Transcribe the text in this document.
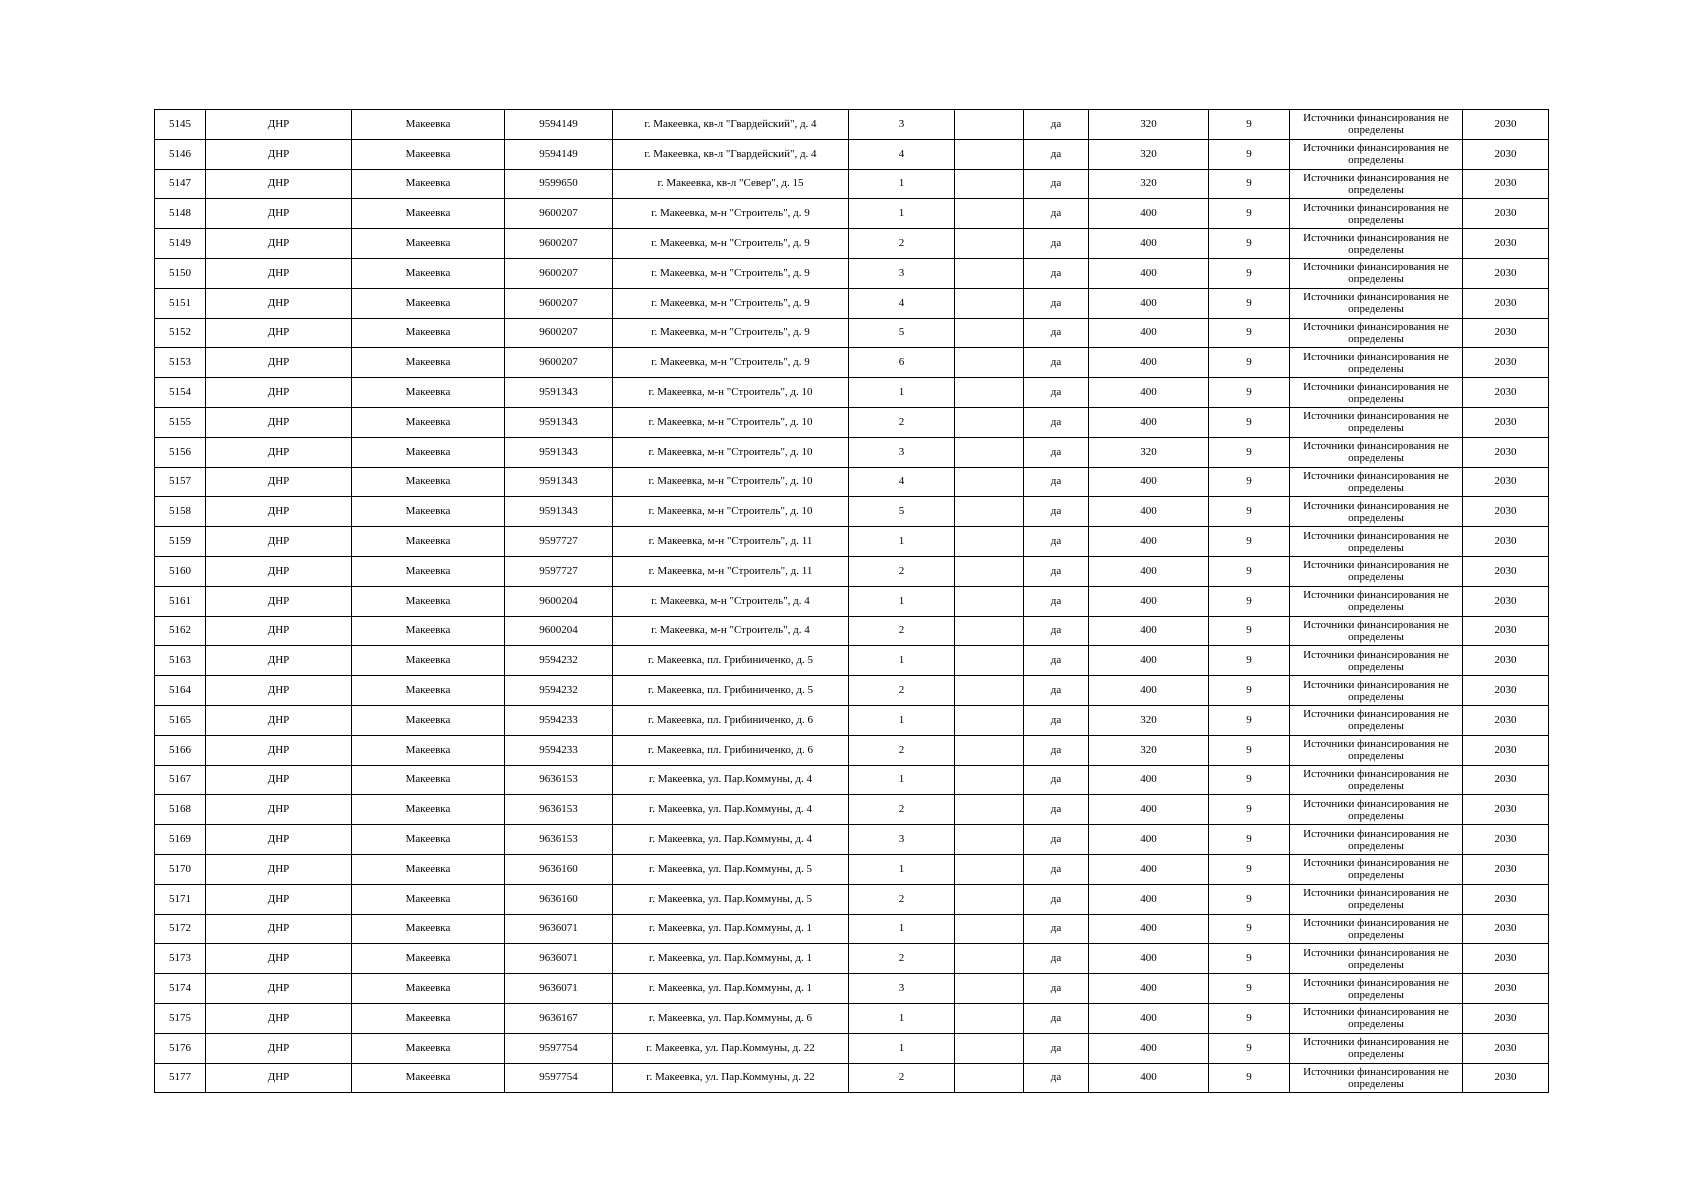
5145	ДНР	Макеевка	9594149	г. Макеевка, кв-л "Гвардейский", д. 4	3		да	320	9	Источники финансирования не определены	2030
5146	ДНР	Макеевка	9594149	г. Макеевка, кв-л "Гвардейский", д. 4	4		да	320	9	Источники финансирования не определены	2030
5147	ДНР	Макеевка	9599650	г. Макеевка, кв-л "Север", д. 15	1		да	320	9	Источники финансирования не определены	2030
5148	ДНР	Макеевка	9600207	г. Макеевка, м-н "Строитель", д. 9	1		да	400	9	Источники финансирования не определены	2030
5149	ДНР	Макеевка	9600207	г. Макеевка, м-н "Строитель", д. 9	2		да	400	9	Источники финансирования не определены	2030
5150	ДНР	Макеевка	9600207	г. Макеевка, м-н "Строитель", д. 9	3		да	400	9	Источники финансирования не определены	2030
5151	ДНР	Макеевка	9600207	г. Макеевка, м-н "Строитель", д. 9	4		да	400	9	Источники финансирования не определены	2030
5152	ДНР	Макеевка	9600207	г. Макеевка, м-н "Строитель", д. 9	5		да	400	9	Источники финансирования не определены	2030
5153	ДНР	Макеевка	9600207	г. Макеевка, м-н "Строитель", д. 9	6		да	400	9	Источники финансирования не определены	2030
5154	ДНР	Макеевка	9591343	г. Макеевка, м-н "Строитель", д. 10	1		да	400	9	Источники финансирования не определены	2030
5155	ДНР	Макеевка	9591343	г. Макеевка, м-н "Строитель", д. 10	2		да	400	9	Источники финансирования не определены	2030
5156	ДНР	Макеевка	9591343	г. Макеевка, м-н "Строитель", д. 10	3		да	320	9	Источники финансирования не определены	2030
5157	ДНР	Макеевка	9591343	г. Макеевка, м-н "Строитель", д. 10	4		да	400	9	Источники финансирования не определены	2030
5158	ДНР	Макеевка	9591343	г. Макеевка, м-н "Строитель", д. 10	5		да	400	9	Источники финансирования не определены	2030
5159	ДНР	Макеевка	9597727	г. Макеевка, м-н "Строитель", д. 11	1		да	400	9	Источники финансирования не определены	2030
5160	ДНР	Макеевка	9597727	г. Макеевка, м-н "Строитель", д. 11	2		да	400	9	Источники финансирования не определены	2030
5161	ДНР	Макеевка	9600204	г. Макеевка, м-н "Строитель", д. 4	1		да	400	9	Источники финансирования не определены	2030
5162	ДНР	Макеевка	9600204	г. Макеевка, м-н "Строитель", д. 4	2		да	400	9	Источники финансирования не определены	2030
5163	ДНР	Макеевка	9594232	г. Макеевка, пл. Грибиниченко, д. 5	1		да	400	9	Источники финансирования не определены	2030
5164	ДНР	Макеевка	9594232	г. Макеевка, пл. Грибиниченко, д. 5	2		да	400	9	Источники финансирования не определены	2030
5165	ДНР	Макеевка	9594233	г. Макеевка, пл. Грибиниченко, д. 6	1		да	320	9	Источники финансирования не определены	2030
5166	ДНР	Макеевка	9594233	г. Макеевка, пл. Грибиниченко, д. 6	2		да	320	9	Источники финансирования не определены	2030
5167	ДНР	Макеевка	9636153	г. Макеевка, ул. Пар.Коммуны, д. 4	1		да	400	9	Источники финансирования не определены	2030
5168	ДНР	Макеевка	9636153	г. Макеевка, ул. Пар.Коммуны, д. 4	2		да	400	9	Источники финансирования не определены	2030
5169	ДНР	Макеевка	9636153	г. Макеевка, ул. Пар.Коммуны, д. 4	3		да	400	9	Источники финансирования не определены	2030
5170	ДНР	Макеевка	9636160	г. Макеевка, ул. Пар.Коммуны, д. 5	1		да	400	9	Источники финансирования не определены	2030
5171	ДНР	Макеевка	9636160	г. Макеевка, ул. Пар.Коммуны, д. 5	2		да	400	9	Источники финансирования не определены	2030
5172	ДНР	Макеевка	9636071	г. Макеевка, ул. Пар.Коммуны, д. 1	1		да	400	9	Источники финансирования не определены	2030
5173	ДНР	Макеевка	9636071	г. Макеевка, ул. Пар.Коммуны, д. 1	2		да	400	9	Источники финансирования не определены	2030
5174	ДНР	Макеевка	9636071	г. Макеевка, ул. Пар.Коммуны, д. 1	3		да	400	9	Источники финансирования не определены	2030
5175	ДНР	Макеевка	9636167	г. Макеевка, ул. Пар.Коммуны, д. 6	1		да	400	9	Источники финансирования не определены	2030
5176	ДНР	Макеевка	9597754	г. Макеевка, ул. Пар.Коммуны, д. 22	1		да	400	9	Источники финансирования не определены	2030
5177	ДНР	Макеевка	9597754	г. Макеевка, ул. Пар.Коммуны, д. 22	2		да	400	9	Источники финансирования не определены	2030
